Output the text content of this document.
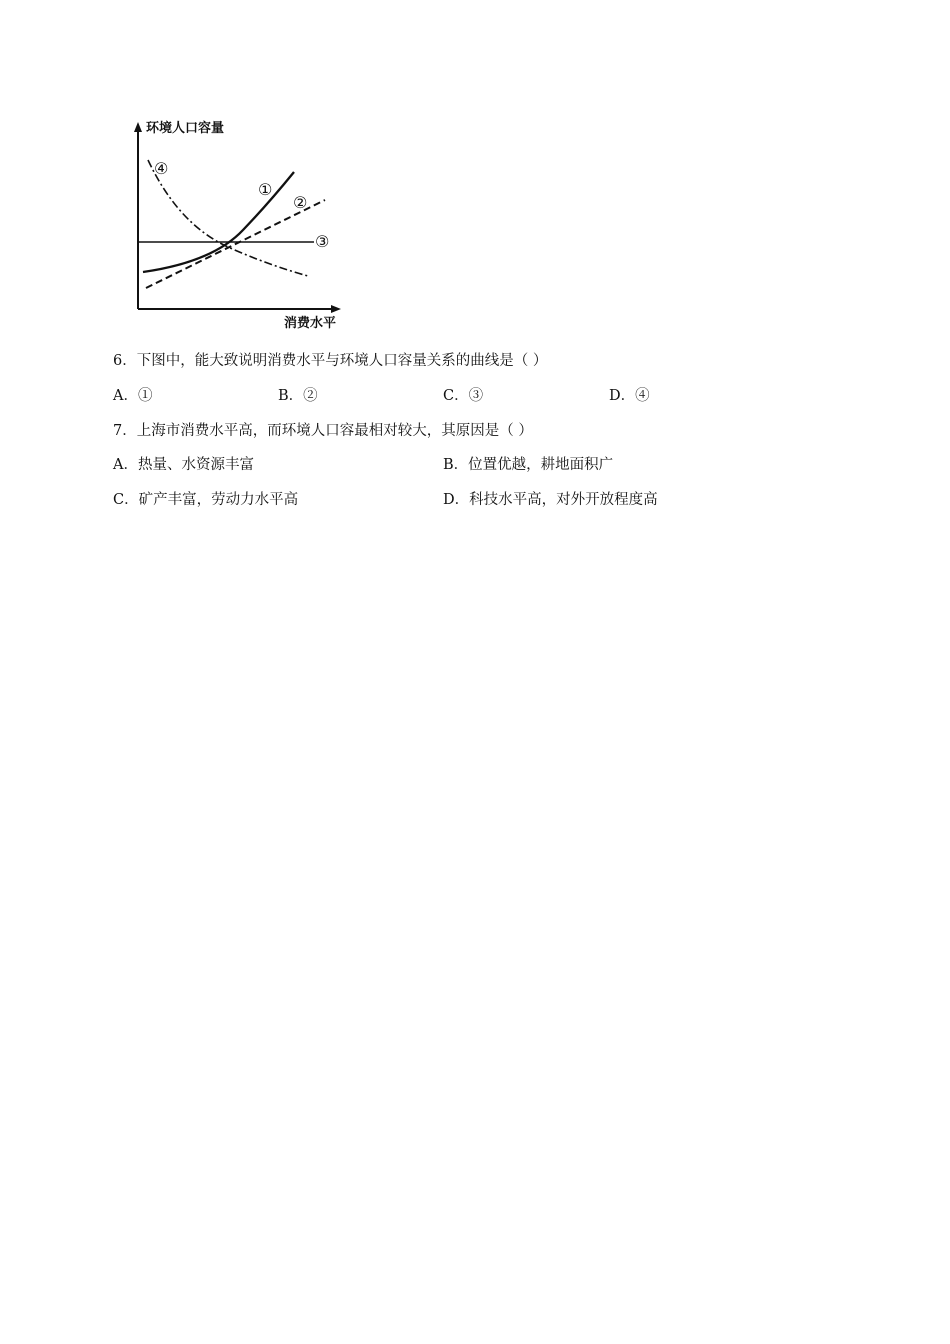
环境人口容量
消费水平
①
②
③
④
6．下图中，能大致说明消费水平与环境人口容量关系的曲线是（ ）
A．①	B．②	C．③	D．④
7．上海市消费水平高，而环境人口容最相对较大，其原因是（ ）
A．热量、水资源丰富	B．位置优越，耕地面积广
C．矿产丰富，劳动力水平高	D．科技水平高，对外开放程度高
